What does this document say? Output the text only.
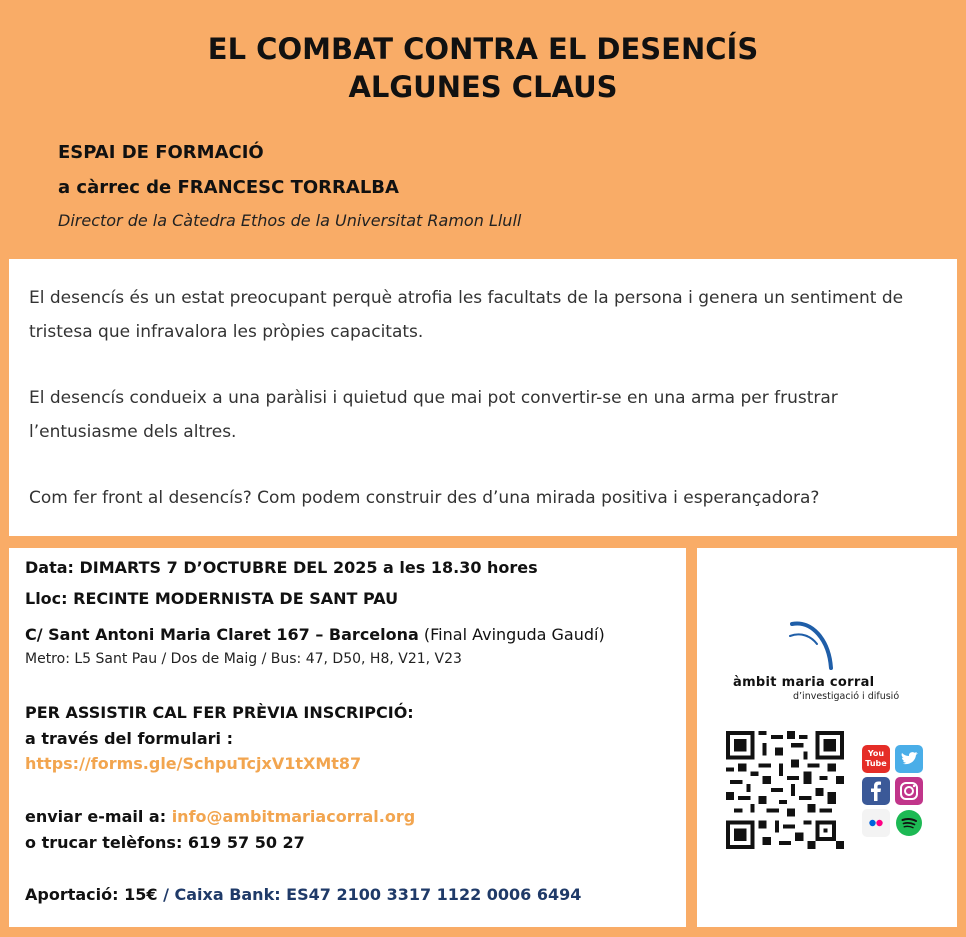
EL COMBAT CONTRA EL DESENCÍS
ALGUNES CLAUS
ESPAI DE FORMACIÓ
a càrrec de FRANCESC TORRALBA
Director de la Càtedra Ethos de la Universitat Ramon Llull

El desencís és un estat preocupant perquè atrofia les facultats de la persona i genera un sentiment de tristesa que infravalora les pròpies capacitats.

El desencís condueix a una paràlisi i quietud que mai pot convertir-se en una arma per frustrar l’entusiasme dels altres.

Com fer front al desencís? Com podem construir des d’una mirada positiva i esperançadora?

Data: DIMARTS 7 D’OCTUBRE DEL 2025 a les 18.30 hores
Lloc: RECINTE MODERNISTA DE SANT PAU
C/ Sant Antoni Maria Claret 167 – Barcelona (Final Avinguda Gaudí)
Metro: L5 Sant Pau / Dos de Maig / Bus: 47, D50, H8, V21, V23
PER ASSISTIR CAL FER PRÈVIA INSCRIPCIÓ:
a través del formulari :
https://forms.gle/SchpuTcjxV1tXMt87
enviar e-mail a: info@ambitmariacorral.org
o trucar telèfons: 619 57 50 27
Aportació: 15€ / Caixa Bank: ES47 2100 3317 1122 0006 6494
àmbit maria corral
d’investigació i difusió
You Tube
